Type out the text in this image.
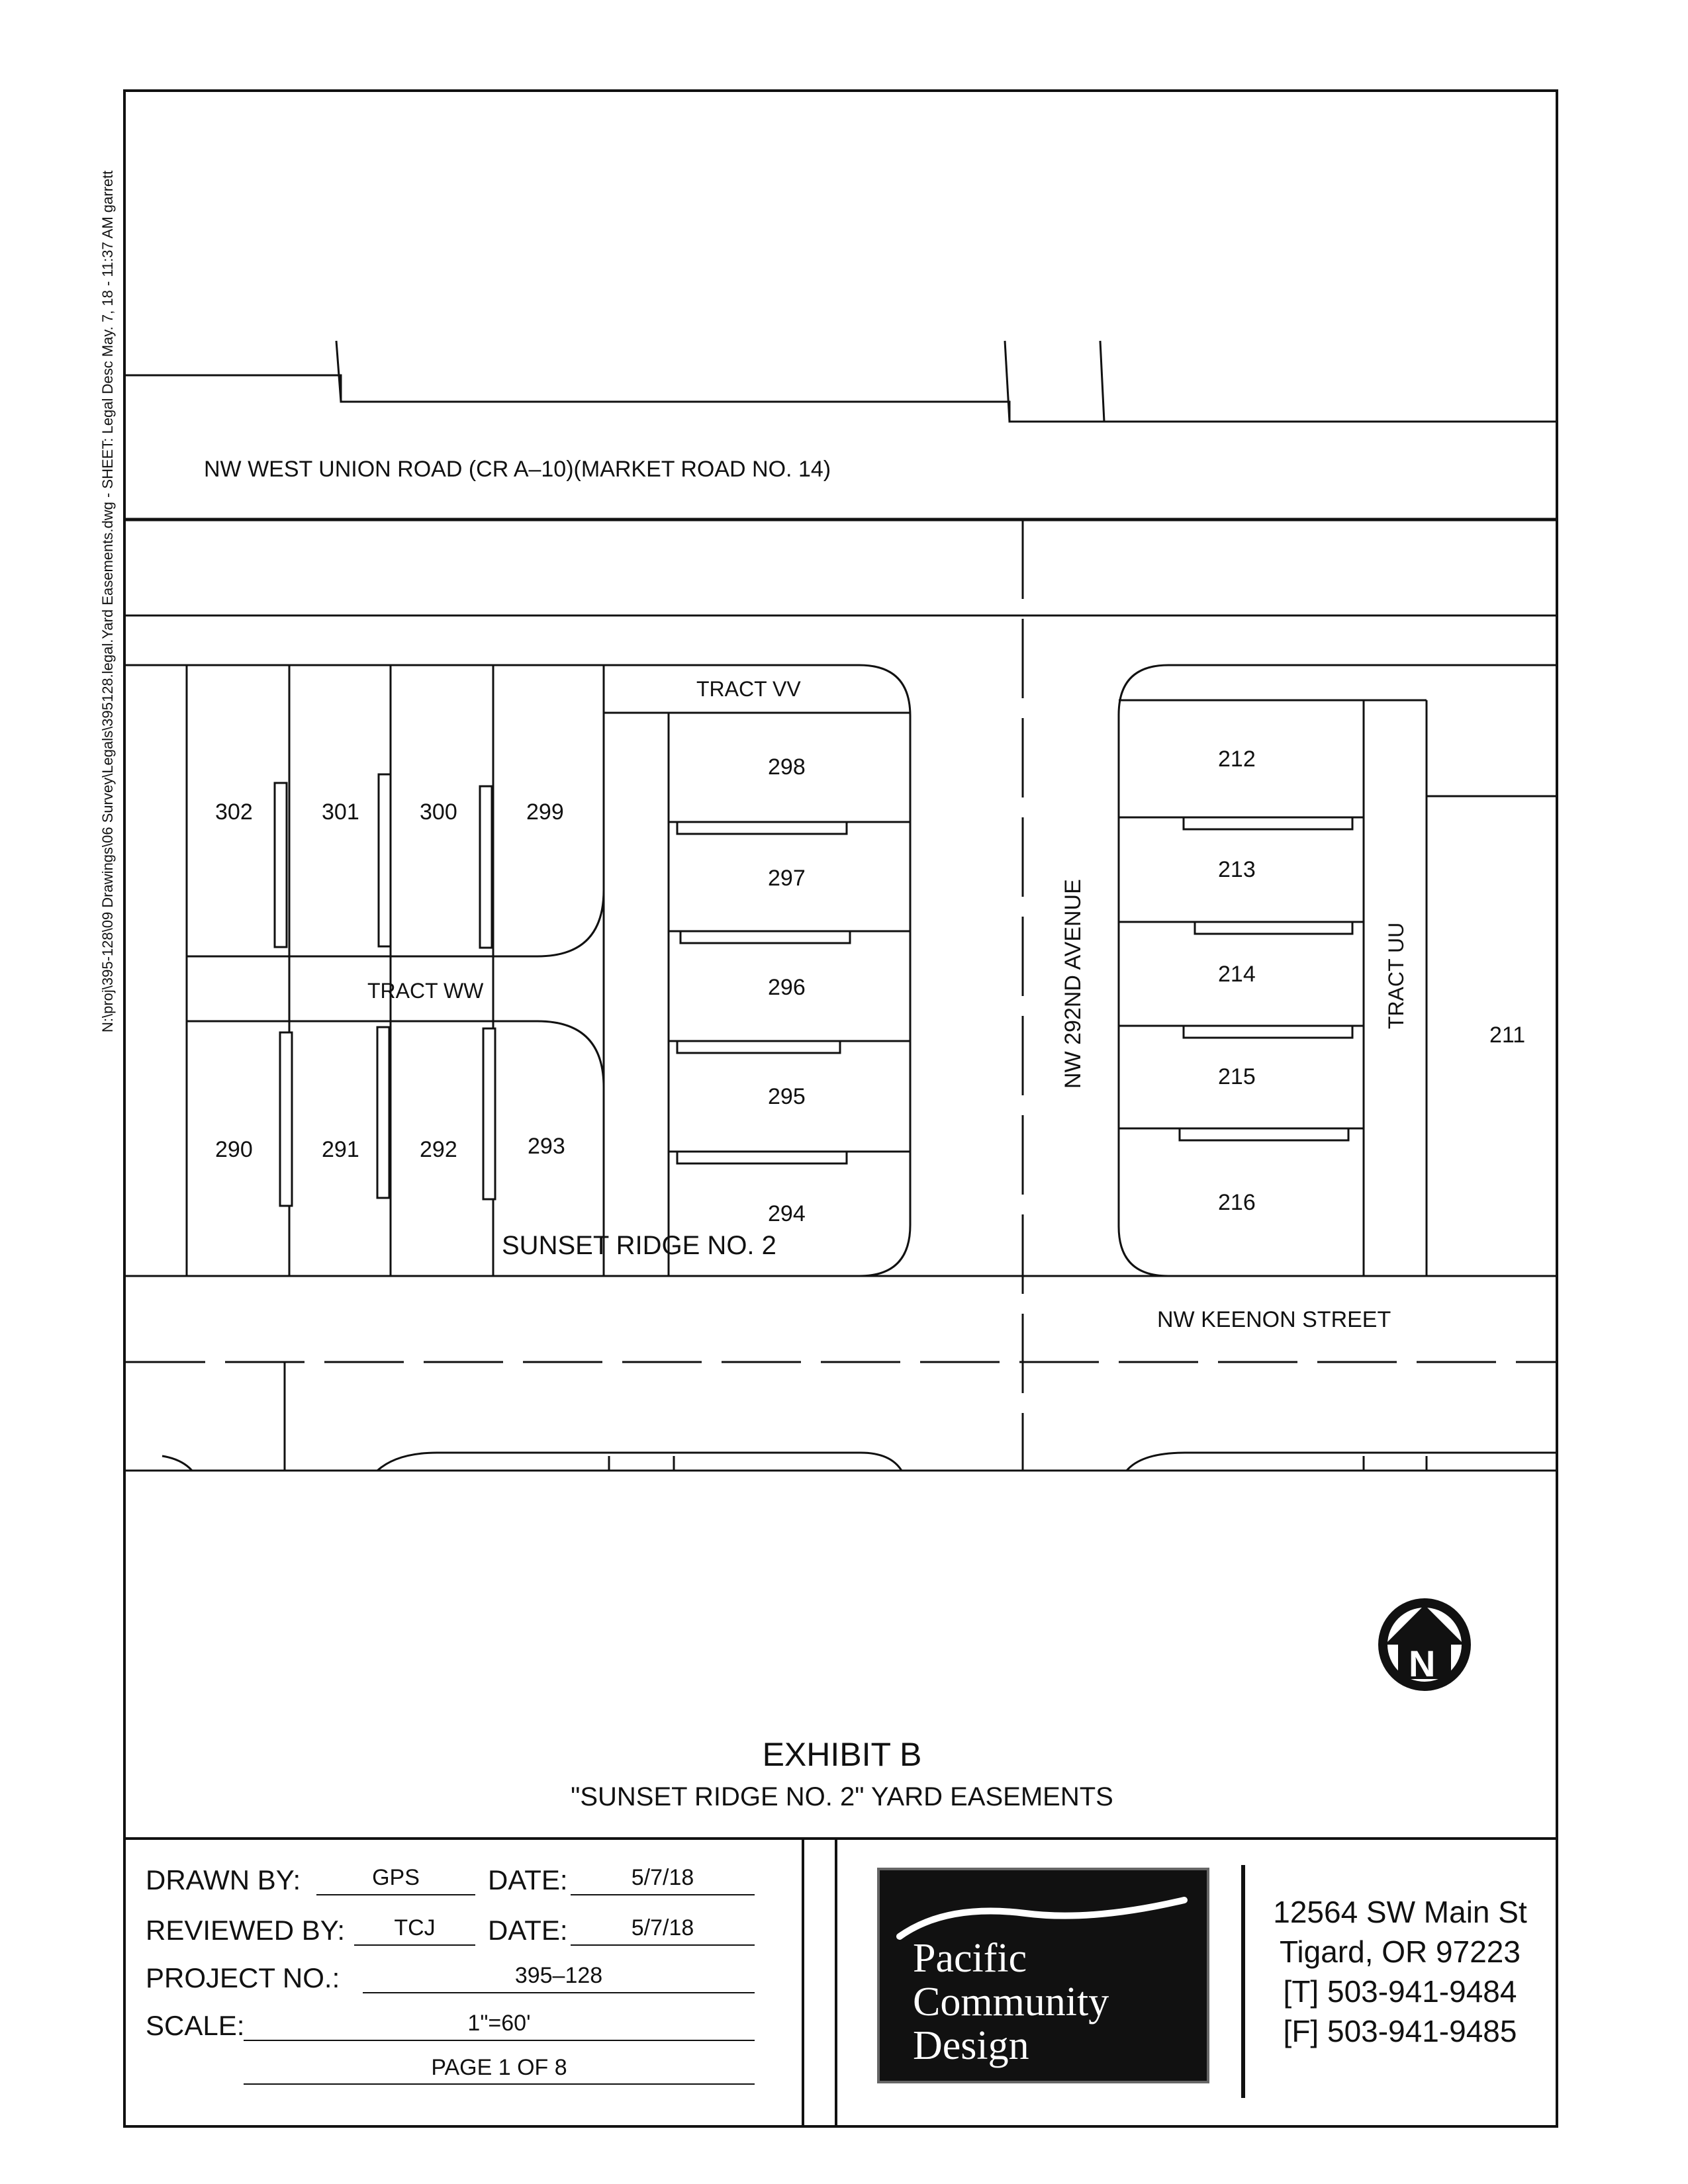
N:\proj\395-128\09 Drawings\06 Survey\Legals\395128.legal.Yard Easements.dwg - SHEET: Legal Desc May. 7, 18 - 11:37 AM garrett	NW WEST UNION ROAD (CR A–10)(MARKET ROAD NO. 14)
NW 292ND AVENUE
NW KEENON STREET
TRACT VV
TRACT WW	TRACT UU
SUNSET RIDGE NO. 2
302	301	300	299
290	291	292	293
298
297
296
295
294
212
213
214
215
216
211
N
EXHIBIT B
"SUNSET RIDGE NO. 2" YARD EASEMENTS
DRAWN BY:	GPS	DATE:	5/7/18
REVIEWED BY:	TCJ	DATE:	5/7/18
PROJECT NO.:	395–128
SCALE:	1"=60'
PAGE 1 OF 8
Pacific
Community
Design
12564 SW Main St
Tigard, OR 97223
[T] 503-941-9484
[F] 503-941-9485
